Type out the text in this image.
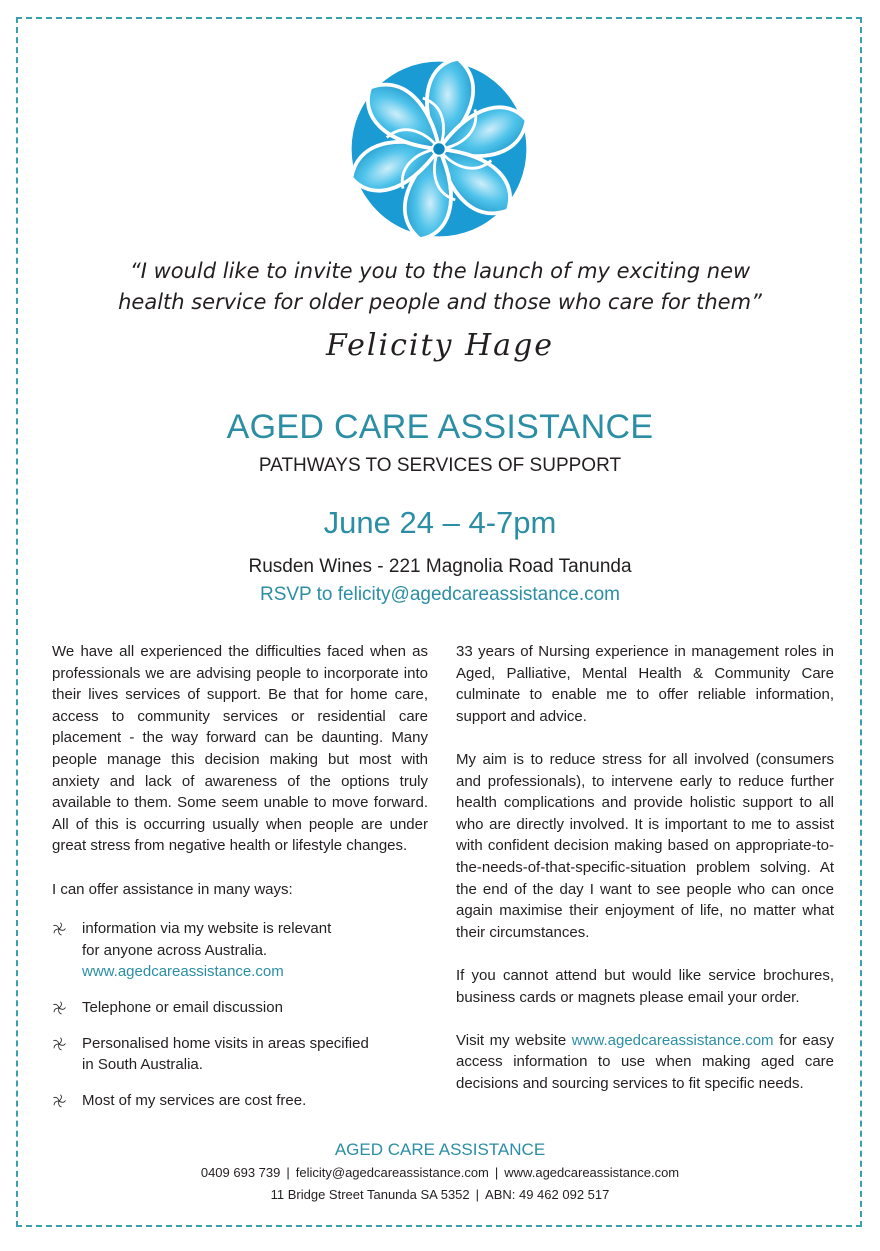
“I would like to invite you to the launch of my exciting new
health service for older people and those who care for them”
Felicity Hage
AGED CARE ASSISTANCE
PATHWAYS TO SERVICES OF SUPPORT
June 24 – 4-7pm
Rusden Wines - 221 Magnolia Road Tanunda
RSVP to felicity@agedcareassistance.com

We have all experienced the difficulties faced when as professionals we are advising people to incorporate into their lives services of support. Be that for home care, access to community services or residential care placement - the way forward can be daunting. Many people manage this decision making but most with anxiety and lack of awareness of the options truly available to them. Some seem unable to move forward. All of this is occurring usually when people are under great stress from negative health or lifestyle changes.

I can offer assistance in many ways:

information via my website is relevant
for anyone across Australia.
www.agedcareassistance.com
Telephone or email discussion
Personalised home visits in areas specified
in South Australia.
Most of my services are cost free.

33 years of Nursing experience in management roles in Aged, Palliative, Mental Health & Community Care culminate to enable me to offer reliable information, support and advice.

My aim is to reduce stress for all involved (consumers and professionals), to intervene early to reduce further health complications and provide holistic support to all who are directly involved. It is important to me to assist with confident decision making based on appropriate-to-the-needs-of-that-specific-situation problem solving. At the end of the day I want to see people who can once again maximise their enjoyment of life, no matter what their circumstances.

If you cannot attend but would like service brochures, business cards or magnets please email your order.

Visit my website www.agedcareassistance.com for easy access information to use when making aged care decisions and sourcing services to fit specific needs.

AGED CARE ASSISTANCE
0409 693 739 | felicity@agedcareassistance.com | www.agedcareassistance.com
11 Bridge Street Tanunda SA 5352 | ABN: 49 462 092 517
